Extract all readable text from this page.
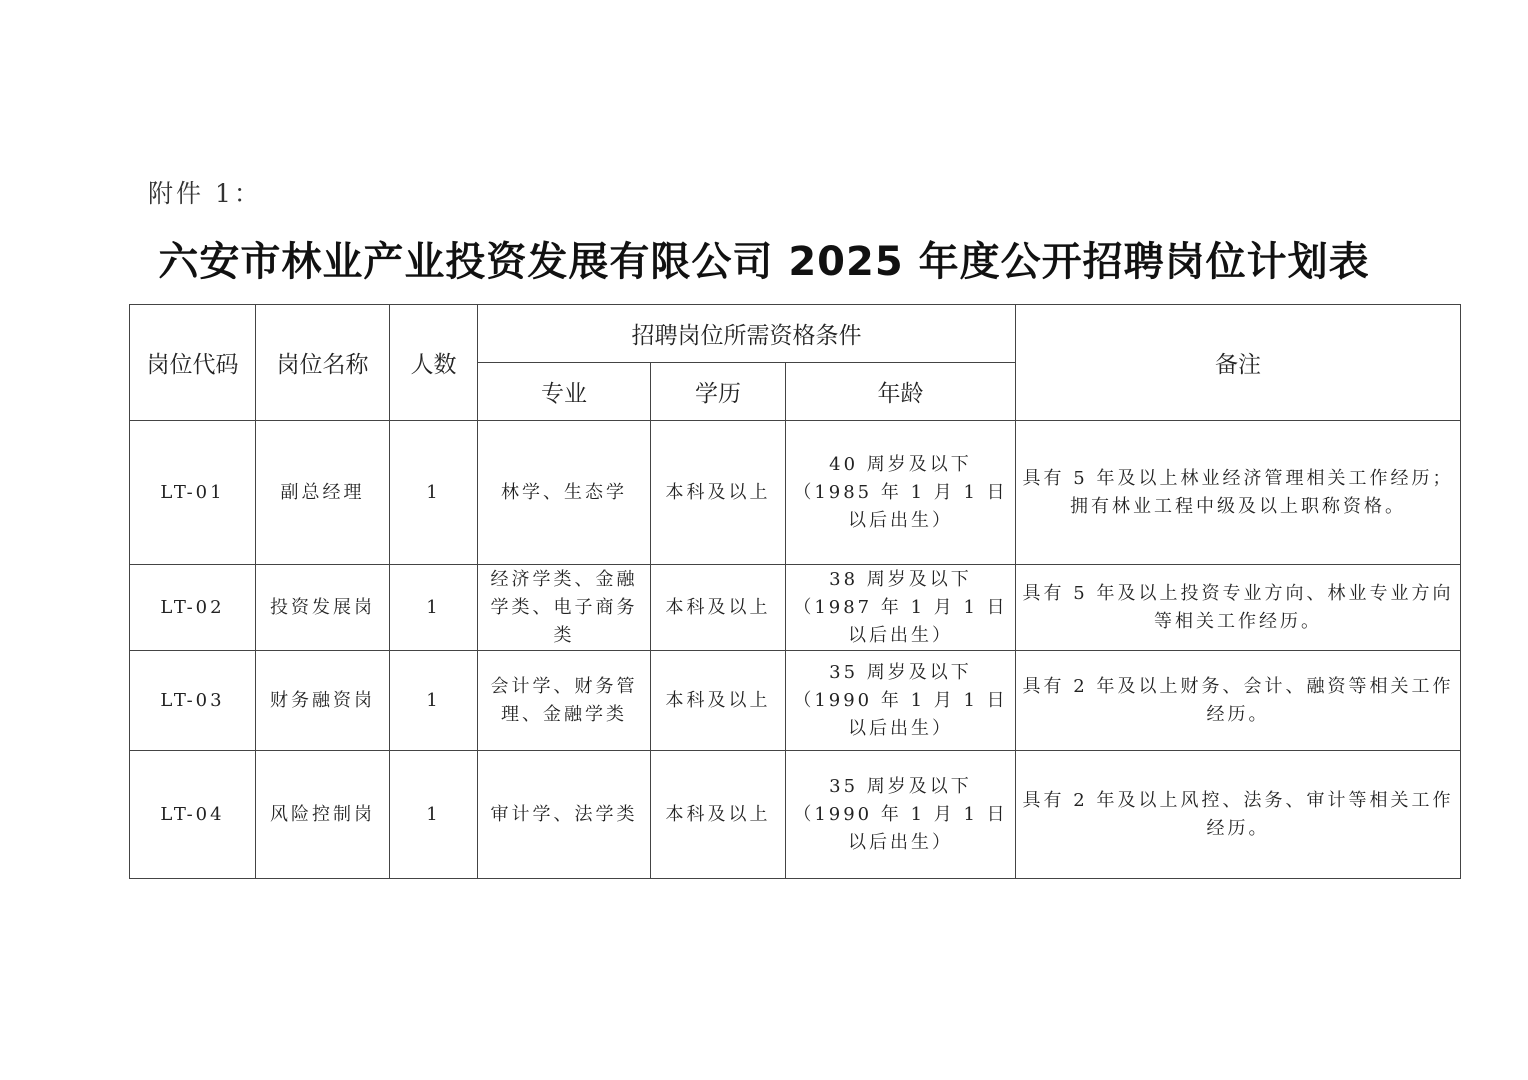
附件 1：
六安市林业产业投资发展有限公司 2025 年度公开招聘岗位计划表
岗位代码	岗位名称	人数	招聘岗位所需资格条件			备注
			专业	学历	年龄	
LT-01	副总经理	1	林学、生态学	本科及以上	40 周岁及以下（1985 年 1 月 1 日以后出生）	具有 5 年及以上林业经济管理相关工作经历；拥有林业工程中级及以上职称资格。
LT-02	投资发展岗	1	经济学类、金融学类、电子商务类	本科及以上	38 周岁及以下（1987 年 1 月 1 日以后出生）	具有 5 年及以上投资专业方向、林业专业方向等相关工作经历。
LT-03	财务融资岗	1	会计学、财务管理、金融学类	本科及以上	35 周岁及以下（1990 年 1 月 1 日以后出生）	具有 2 年及以上财务、会计、融资等相关工作经历。
LT-04	风险控制岗	1	审计学、法学类	本科及以上	35 周岁及以下（1990 年 1 月 1 日以后出生）	具有 2 年及以上风控、法务、审计等相关工作经历。
